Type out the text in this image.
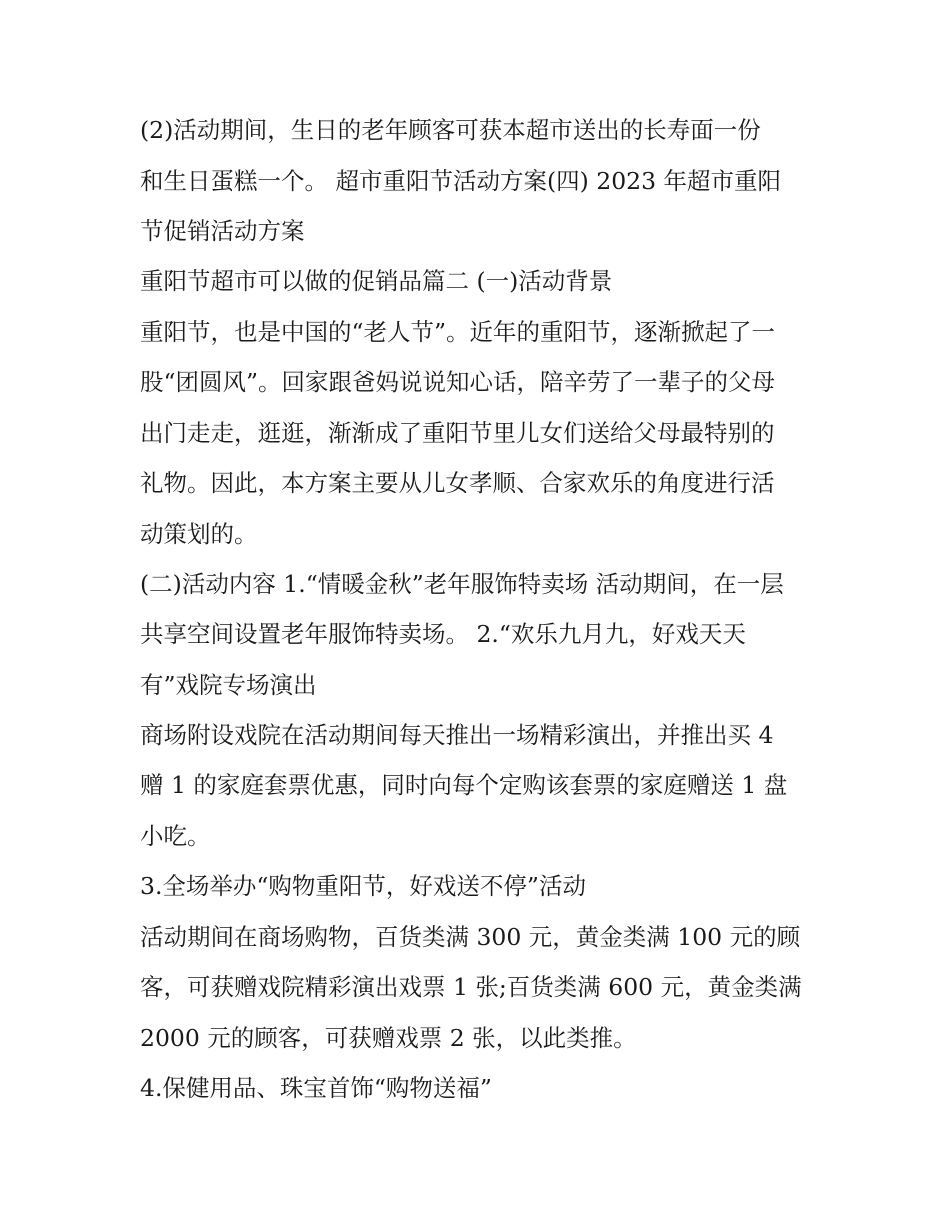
(2)活动期间，生日的老年顾客可获本超市送出的长寿面一份
和生日蛋糕一个。 超市重阳节活动方案(四) 2023 年超市重阳
节促销活动方案
重阳节超市可以做的促销品篇二 (一)活动背景
重阳节，也是中国的“老人节”。近年的重阳节，逐渐掀起了一
股“团圆风”。回家跟爸妈说说知心话，陪辛劳了一辈子的父母
出门走走，逛逛，渐渐成了重阳节里儿女们送给父母最特别的
礼物。因此，本方案主要从儿女孝顺、合家欢乐的角度进行活
动策划的。
(二)活动内容 1.“情暖金秋”老年服饰特卖场 活动期间，在一层
共享空间设置老年服饰特卖场。 2.“欢乐九月九，好戏天天
有”戏院专场演出
商场附设戏院在活动期间每天推出一场精彩演出，并推出买 4
赠 1 的家庭套票优惠，同时向每个定购该套票的家庭赠送 1 盘
小吃。
3.全场举办“购物重阳节，好戏送不停”活动
活动期间在商场购物，百货类满 300 元，黄金类满 100 元的顾
客，可获赠戏院精彩演出戏票 1 张;百货类满 600 元，黄金类满
2000 元的顾客，可获赠戏票 2 张，以此类推。
4.保健用品、珠宝首饰“购物送福”
